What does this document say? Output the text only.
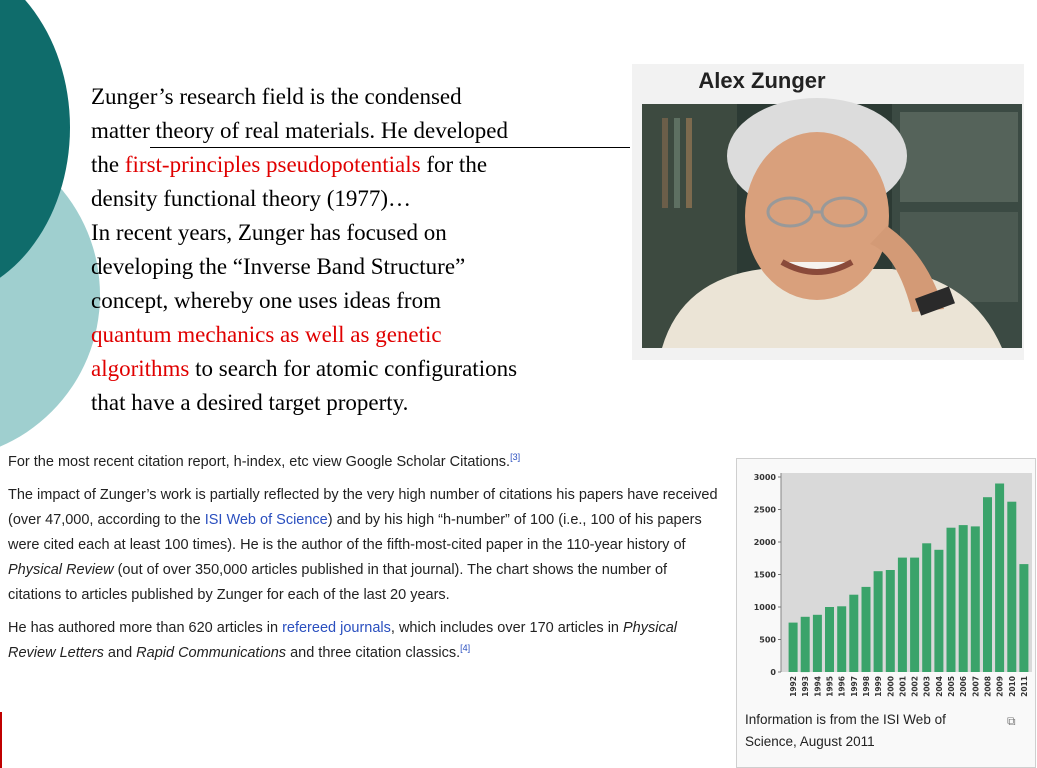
Zunger’s research field is the condensed
matter theory of real materials. He developed
the first-principles pseudopotentials for the
density functional theory (1977)…
In recent years, Zunger has focused on
developing the “Inverse Band Structure”
concept, whereby one uses ideas from
quantum mechanics as well as genetic
algorithms to search for atomic configurations
that have a desired target property.
Alex Zunger

For the most recent citation report, h-index, etc view Google Scholar Citations.[3]

The impact of Zunger’s work is partially reflected by the very high number of citations his papers have received (over 47,000, according to the ISI Web of Science) and by his high “h-number” of 100 (i.e., 100 of his papers were cited each at least 100 times). He is the author of the fifth-most-cited paper in the 110-year history of Physical Review (out of over 350,000 articles published in that journal). The chart shows the number of citations to articles published by Zunger for each of the last 20 years.

He has authored more than 620 articles in refereed journals, which includes over 170 articles in Physical Review Letters and Rapid Communications and three citation classics.[4]

0
500
1000
1500
2000
2500
3000
1992 1993 1994 1995 1996 1997 1998 1999 2000 2001 2002 2003 2004 2005 2006 2007 2008 2009 2010 2011
Information is from the ISI Web of Science, August 2011
⧉
